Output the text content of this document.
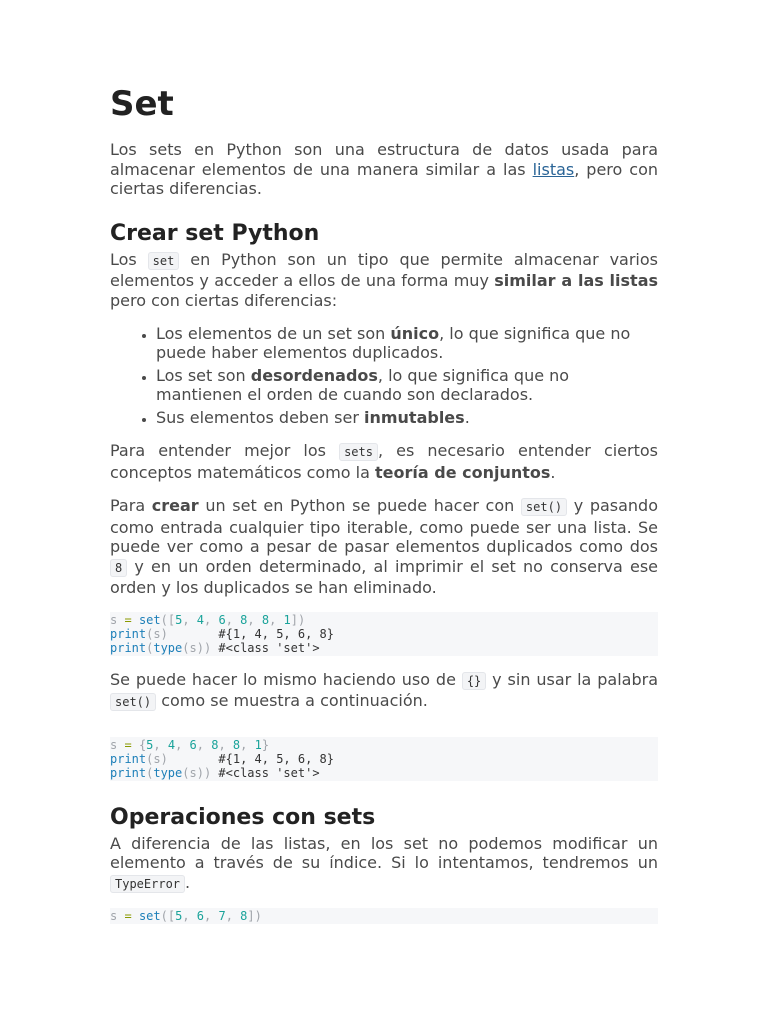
Set

Los sets en Python son una estructura de datos usada para almacenar elementos de una manera similar a las listas, pero con ciertas diferencias.

Crear set Python

Los set en Python son un tipo que permite almacenar varios elementos y acceder a ellos de una forma muy similar a las listas pero con ciertas diferencias:

• Los elementos de un set son único, lo que significa que no puede haber elementos duplicados.
• Los set son desordenados, lo que significa que no mantienen el orden de cuando son declarados.
• Sus elementos deben ser inmutables.

Para entender mejor los sets , es necesario entender ciertos conceptos matemáticos como la teoría de conjuntos.

Para crear un set en Python se puede hacer con set() y pasando como entrada cualquier tipo iterable, como puede ser una lista. Se puede ver como a pesar de pasar elementos duplicados como dos 8 y en un orden determinado, al imprimir el set no conserva ese orden y los duplicados se han eliminado.

s = set([5, 4, 6, 8, 8, 1])
print(s)	#{1, 4, 5, 6, 8}
print(type(s)) #<class 'set'>

Se puede hacer lo mismo haciendo uso de {} y sin usar la palabra set() como se muestra a continuación.

s = {5, 4, 6, 8, 8, 1}
print(s)	#{1, 4, 5, 6, 8}
print(type(s)) #<class 'set'>
Operaciones con sets

A diferencia de las listas, en los set no podemos modificar un elemento a través de su índice. Si lo intentamos, tendremos un TypeError .

s = set([5, 6, 7, 8])
